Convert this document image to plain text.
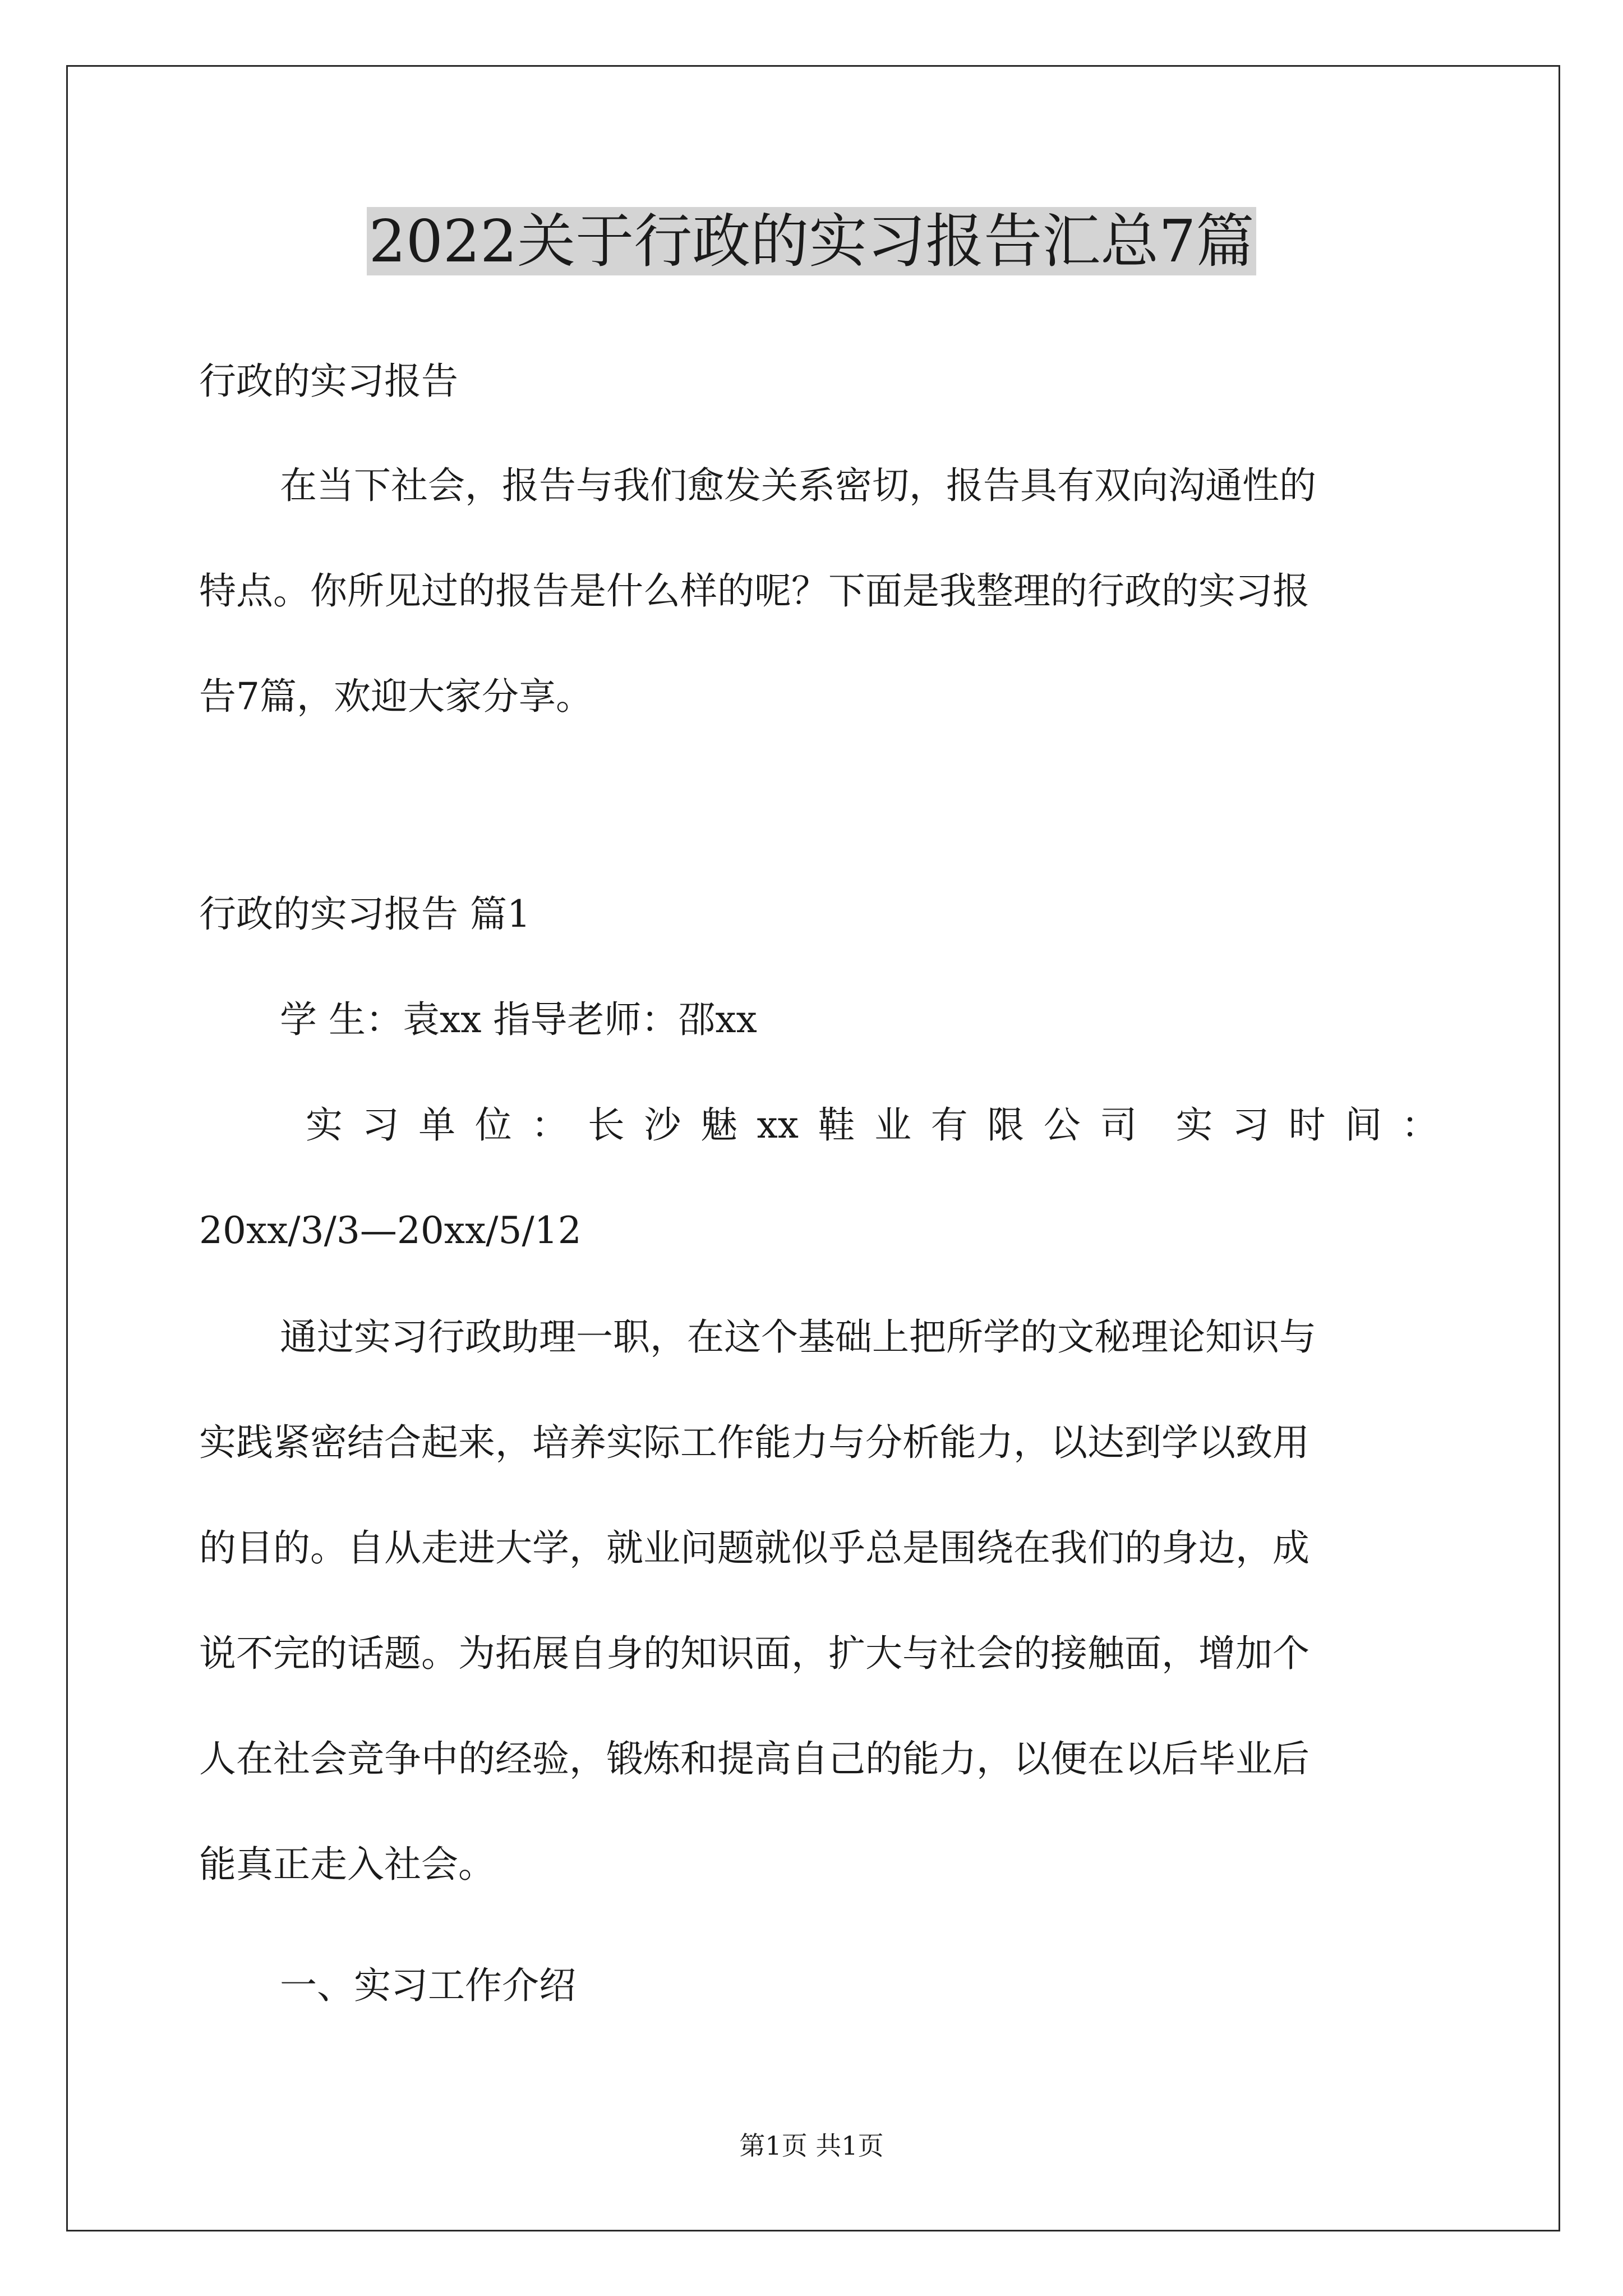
2022关于行政的实习报告汇总7篇

行政的实习报告

在当下社会，报告与我们愈发关系密切，报告具有双向沟通性的
特点。你所见过的报告是什么样的呢？下面是我整理的行政的实习报
告7篇，欢迎大家分享。

行政的实习报告 篇1

学 生：袁xx 指导老师：邵xx

实 习 单 位 ： 长 沙 魅 xx 鞋 业 有 限 公 司 实 习 时 间 ：

20xx/3/3—20xx/5/12

通过实习行政助理一职，在这个基础上把所学的文秘理论知识与
实践紧密结合起来，培养实际工作能力与分析能力，以达到学以致用
的目的。自从走进大学，就业问题就似乎总是围绕在我们的身边，成
说不完的话题。为拓展自身的知识面，扩大与社会的接触面，增加个
人在社会竞争中的经验，锻炼和提高自己的能力，以便在以后毕业后
能真正走入社会。

一、实习工作介绍

第1页 共1页
